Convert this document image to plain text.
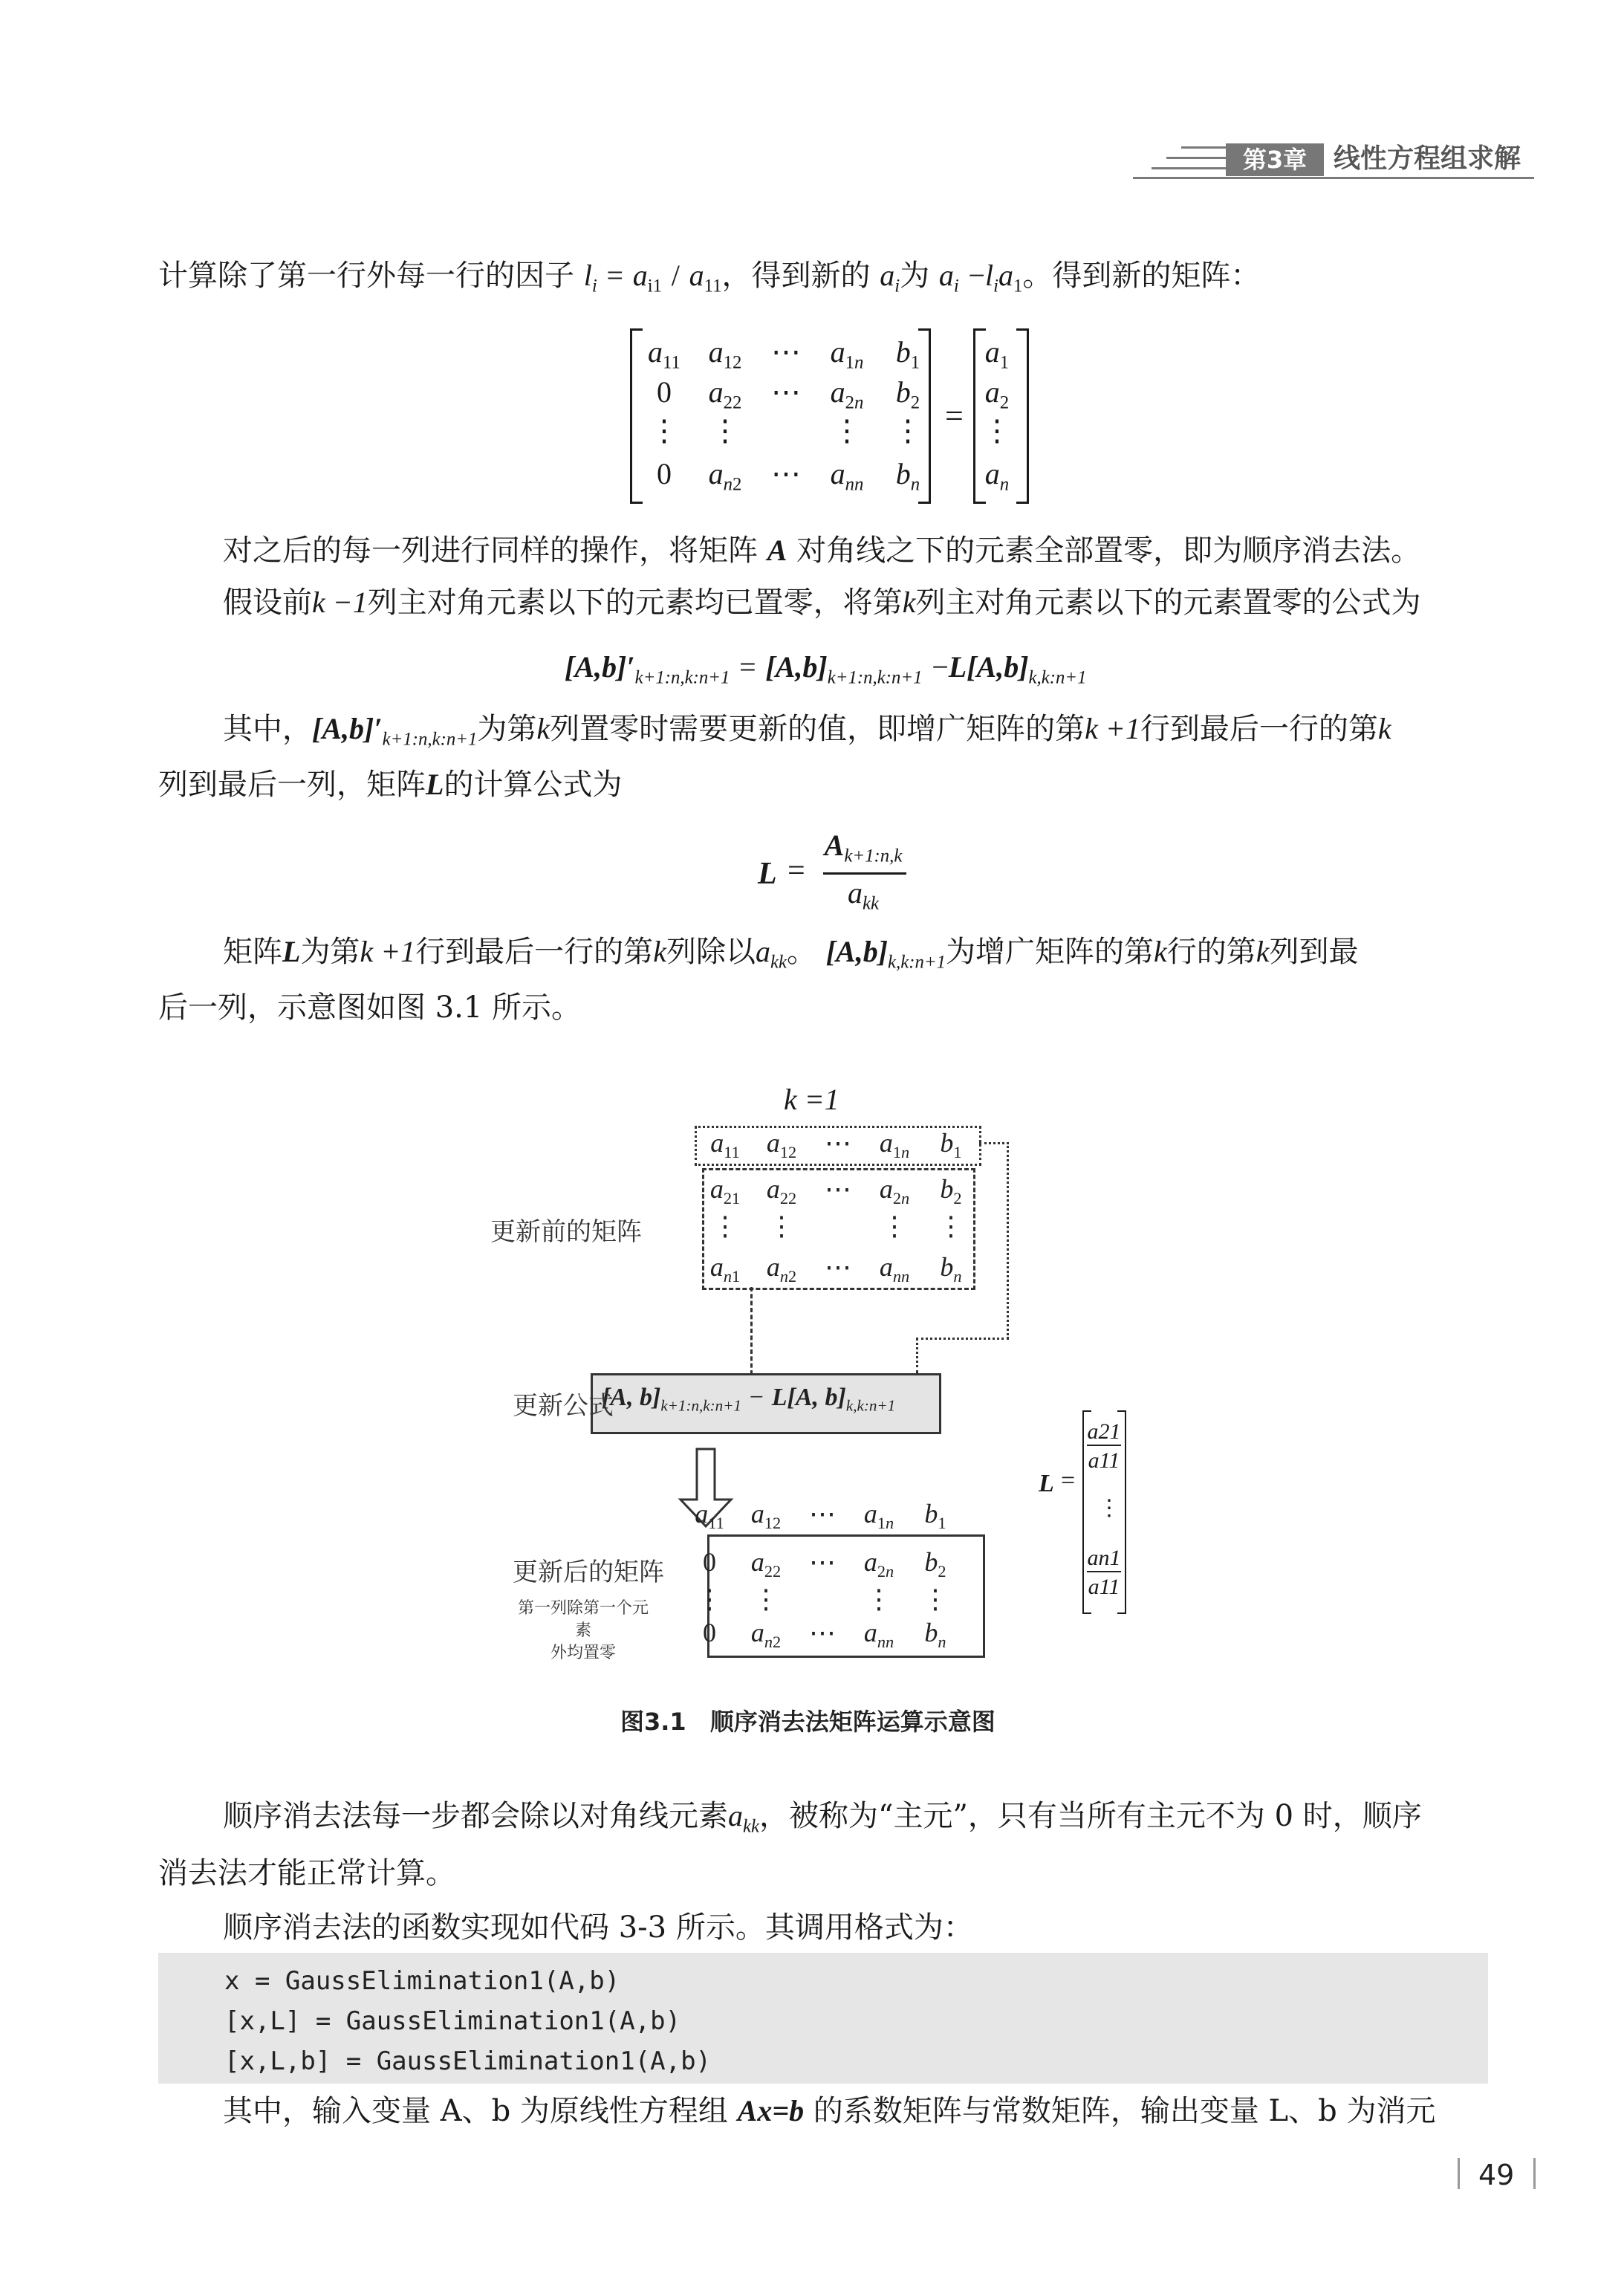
第3章 线性方程组求解
计算除了第一行外每一行的因子 $l_i = a_{i1} / a_{11}$，得到新的 $a_i$为 $a_i -l_ia_1$。得到新的矩阵：
$a_{11}$ $a_{12}$ ⋯ $a_{1n}$	$b_1$
0	$a_{22}$ ⋯ $a_{2n}$	$b_2$
⋮	⋮	⋮	⋮
0	$a_{n2}$ ⋯ $a_{nn}$	$b_n$
=
$a_1$
$a_2$
⋮
$a_n$
对之后的每一列进行同样的操作，将矩阵 A 对角线之下的元素全部置零，即为顺序消去法。
假设前k −1列主对角元素以下的元素均已置零，将第k列主对角元素以下的元素置零的公式为
$[A,b]'_{k+1:n,k:n+1} = [A,b]_{k+1:n,k:n+1} -L[A,b]_{k,k:n+1}$
其中，$[A,b]'_{k+1:n,k:n+1}$为第k列置零时需要更新的值，即增广矩阵的第k +1行到最后一行的第k
列到最后一列，矩阵L的计算公式为
L =
$A_{k+1:n,k}$
$a_{kk}$
矩阵L为第k +1行到最后一行的第k列除以$a_{kk}$。 $[A,b]_{k,k:n+1}$为增广矩阵的第k行的第k列到最
后一列，示意图如图 3.1 所示。
k =1
$a_{11}$	$a_{12}$	⋯	$a_{1n}$	$b_1$
$a_{21}$ $a_{22}$	⋯	$a_{2n}$	$b_2$
⋮	⋮	⋮	⋮
$a_{n1}$ $a_{n2}$	⋯	$a_{nn}$	$b_n$
更新前的矩阵
[A, $b]_{k+1:n,k:n+1} - L[A$, $b]_{k,k:n+1}$
更新公式
$a_{11}$	$a_{12}$	⋯	$a_{1n}$	$b_1$
0	$a_{22}$	⋯	$a_{2n}$	$b_2$
⋮	⋮	⋮	⋮
0	$a_{n2}$	⋯	$a_{nn}$	$b_n$
更新后的矩阵
第一列除第一个元素
外均置零
L =
$\frac{a21}{a11}$
⋮
$\frac{an1}{a11}$
图3.1　顺序消去法矩阵运算示意图
顺序消去法每一步都会除以对角线元素$a_{kk}$，被称为“主元”，只有当所有主元不为 0 时，顺序
消去法才能正常计算。
顺序消去法的函数实现如代码 3-3 所示。其调用格式为：
x = GaussElimination1(A,b)
[x,L] = GaussElimination1(A,b)
[x,L,b] = GaussElimination1(A,b)
其中，输入变量 A、b 为原线性方程组 Ax=b 的系数矩阵与常数矩阵，输出变量 L、b 为消元
49
